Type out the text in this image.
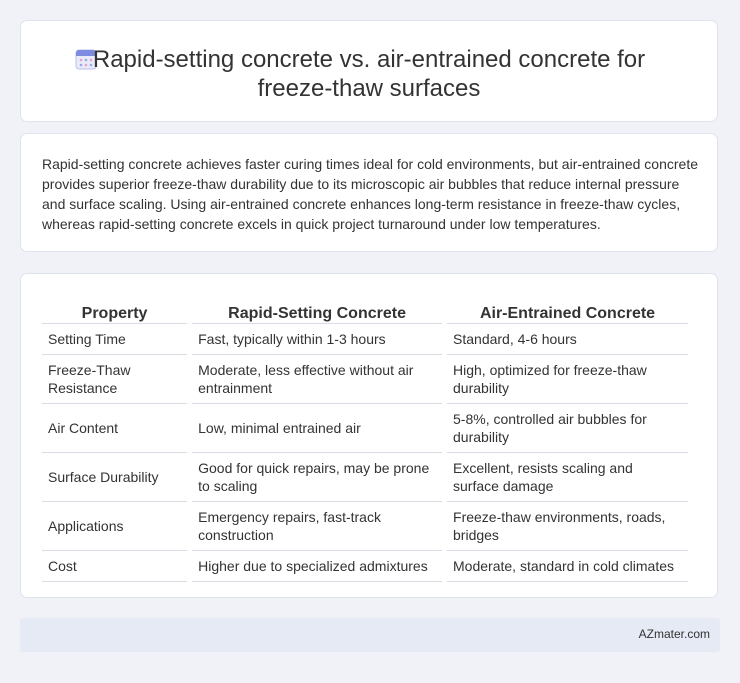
Rapid-setting concrete vs. air-entrained concrete for
freeze-thaw surfaces
Rapid-setting concrete achieves faster curing times ideal for cold environments, but air-entrained concrete provides superior freeze-thaw durability due to its microscopic air bubbles that reduce internal pressure and surface scaling. Using air-entrained concrete enhances long-term resistance in freeze-thaw cycles, whereas rapid-setting concrete excels in quick project turnaround under low temperatures.
Property	Rapid-Setting Concrete	Air-Entrained Concrete
Setting Time	Fast, typically within 1-3 hours	Standard, 4-6 hours
Freeze-Thaw Resistance	Moderate, less effective without air entrainment	High, optimized for freeze-thaw durability
Air Content	Low, minimal entrained air	5-8%, controlled air bubbles for durability
Surface Durability	Good for quick repairs, may be prone to scaling	Excellent, resists scaling and surface damage
Applications	Emergency repairs, fast-track construction	Freeze-thaw environments, roads, bridges
Cost	Higher due to specialized admixtures	Moderate, standard in cold climates
AZmater.com
